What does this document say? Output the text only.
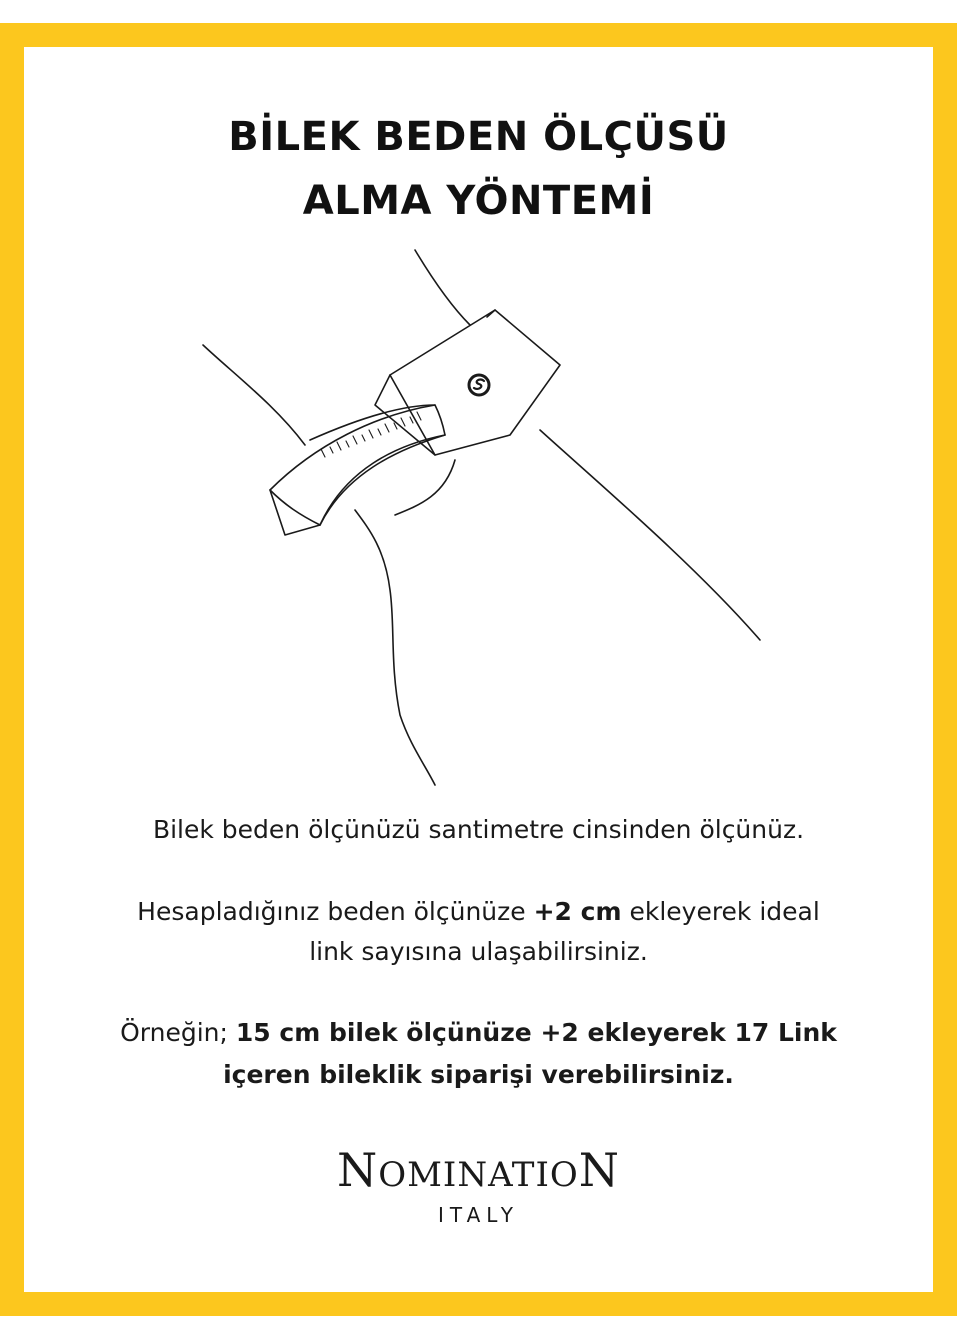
BİLEK BEDEN ÖLÇÜSÜ
ALMA YÖNTEMİ
Bilek beden ölçünüzü santimetre cinsinden ölçünüz.
Hesapladığınız beden ölçünüze +2 cm ekleyerek ideal
link sayısına ulaşabilirsiniz.
Örneğin; 15 cm bilek ölçünüze +2 ekleyerek 17 Link
içeren bileklik siparişi verebilirsiniz.
NOMINATION
ITALY
